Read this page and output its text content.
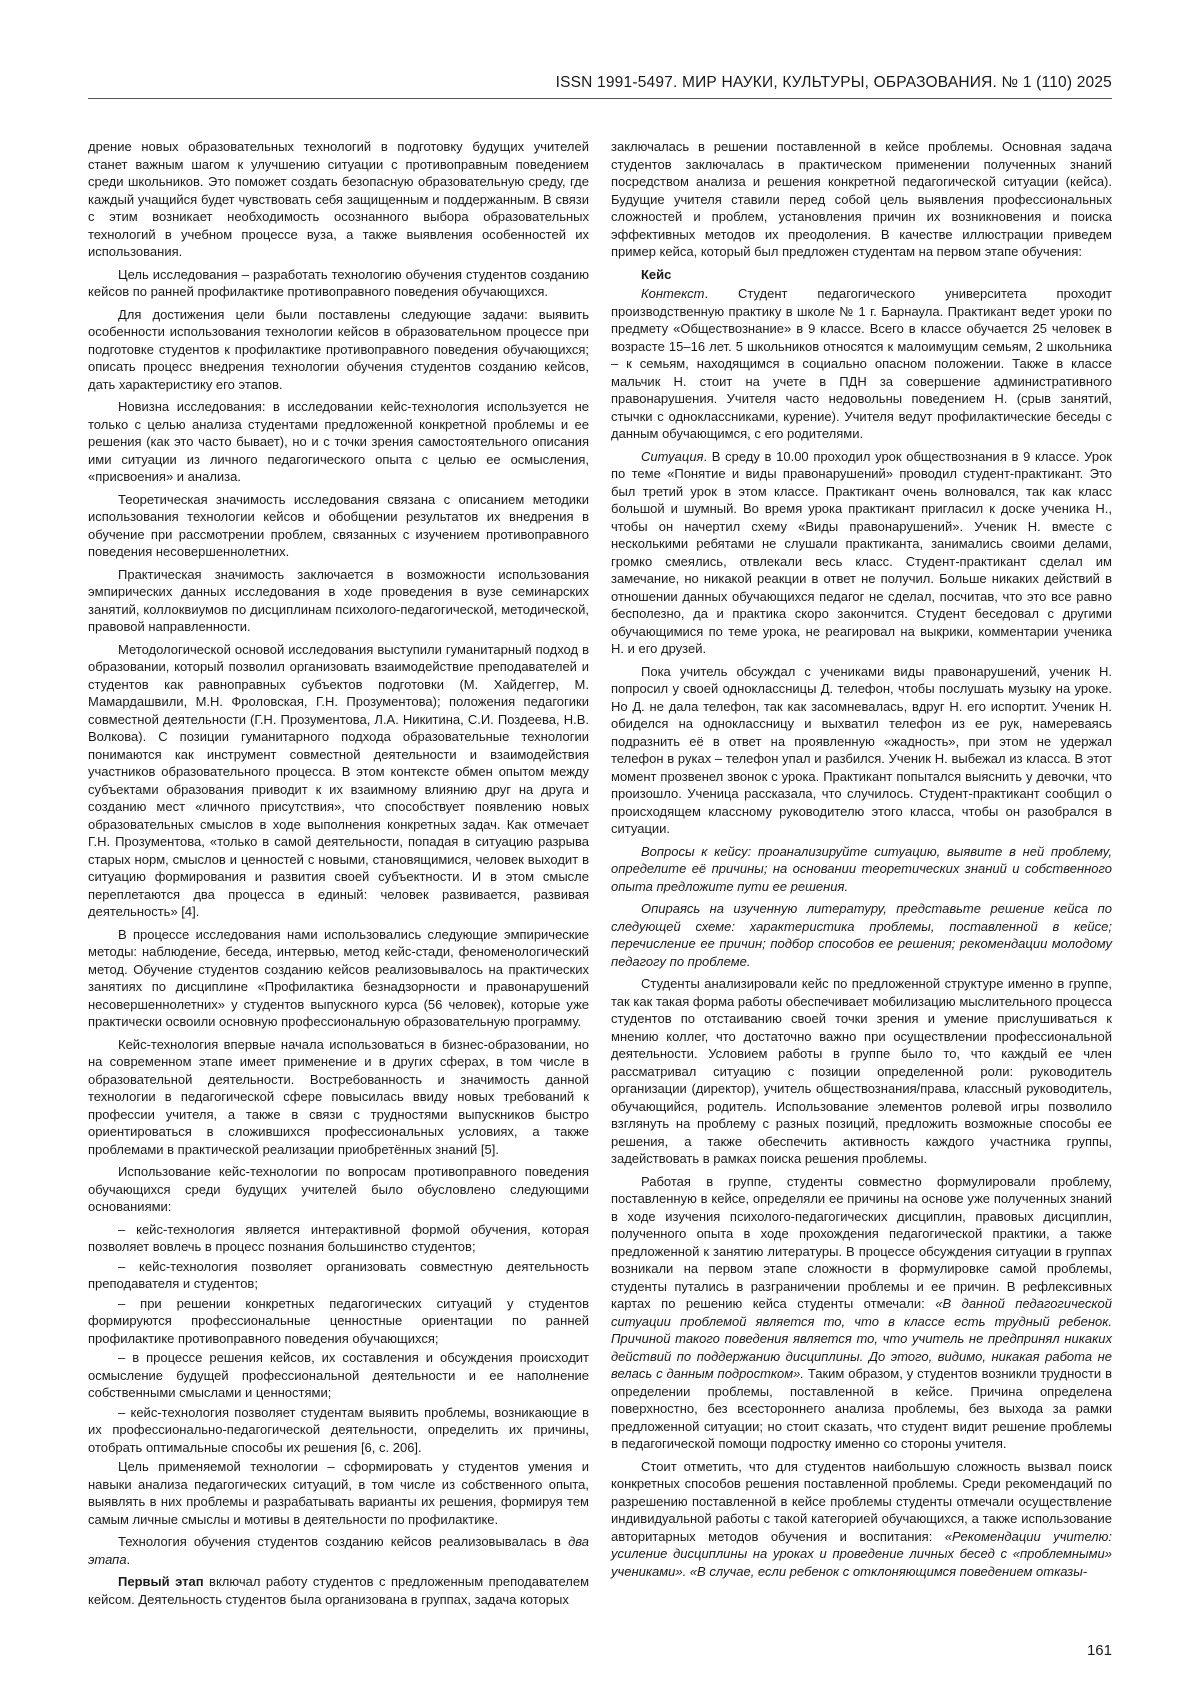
ISSN 1991-5497. МИР НАУКИ, КУЛЬТУРЫ, ОБРАЗОВАНИЯ. № 1 (110) 2025

дрение новых образовательных технологий в подготовку будущих учителей станет важным шагом к улучшению ситуации с противоправным поведением среди школьников. Это поможет создать безопасную образовательную среду, где каждый учащийся будет чувствовать себя защищенным и поддержанным. В связи с этим возникает необходимость осознанного выбора образовательных технологий в учебном процессе вуза, а также выявления особенностей их использования.

Цель исследования – разработать технологию обучения студентов созданию кейсов по ранней профилактике противоправного поведения обучающихся.

Для достижения цели были поставлены следующие задачи: выявить особенности использования технологии кейсов в образовательном процессе при подготовке студентов к профилактике противоправного поведения обучающихся; описать процесс внедрения технологии обучения студентов созданию кейсов, дать характеристику его этапов.

Новизна исследования: в исследовании кейс-технология используется не только с целью анализа студентами предложенной конкретной проблемы и ее решения (как это часто бывает), но и с точки зрения самостоятельного описания ими ситуации из личного педагогического опыта с целью ее осмысления, «присвоения» и анализа.

Теоретическая значимость исследования связана с описанием методики использования технологии кейсов и обобщении результатов их внедрения в обучение при рассмотрении проблем, связанных с изучением противоправного поведения несовершеннолетних.

Практическая значимость заключается в возможности использования эмпирических данных исследования в ходе проведения в вузе семинарских занятий, коллоквиумов по дисциплинам психолого-педагогической, методической, правовой направленности.

Методологической основой исследования выступили гуманитарный подход в образовании, который позволил организовать взаимодействие преподавателей и студентов как равноправных субъектов подготовки (М. Хайдеггер, М. Мамардашвили, М.Н. Фроловская, Г.Н. Прозументова); положения педагогики совместной деятельности (Г.Н. Прозументова, Л.А. Никитина, С.И. Поздеева, Н.В. Волкова). С позиции гуманитарного подхода образовательные технологии понимаются как инструмент совместной деятельности и взаимодействия участников образовательного процесса. В этом контексте обмен опытом между субъектами образования приводит к их взаимному влиянию друг на друга и созданию мест «личного присутствия», что способствует появлению новых образовательных смыслов в ходе выполнения конкретных задач. Как отмечает Г.Н. Прозументова, «только в самой деятельности, попадая в ситуацию разрыва старых норм, смыслов и ценностей с новыми, становящимися, человек выходит в ситуацию формирования и развития своей субъектности. И в этом смысле переплетаются два процесса в единый: человек развивается, развивая деятельность» [4].

В процессе исследования нами использовались следующие эмпирические методы: наблюдение, беседа, интервью, метод кейс-стади, феноменологический метод. Обучение студентов созданию кейсов реализовывалось на практических занятиях по дисциплине «Профилактика безнадзорности и правонарушений несовершеннолетних» у студентов выпускного курса (56 человек), которые уже практически освоили основную профессиональную образовательную программу.

Кейс-технология впервые начала использоваться в бизнес-образовании, но на современном этапе имеет применение и в других сферах, в том числе в образовательной деятельности. Востребованность и значимость данной технологии в педагогической сфере повысилась ввиду новых требований к профессии учителя, а также в связи с трудностями выпускников быстро ориентироваться в сложившихся профессиональных условиях, а также проблемами в практической реализации приобретённых знаний [5].

Использование кейс-технологии по вопросам противоправного поведения обучающихся среди будущих учителей было обусловлено следующими основаниями:

– кейс-технология является интерактивной формой обучения, которая позволяет вовлечь в процесс познания большинство студентов;

– кейс-технология позволяет организовать совместную деятельность преподавателя и студентов;

– при решении конкретных педагогических ситуаций у студентов формируются профессиональные ценностные ориентации по ранней профилактике противоправного поведения обучающихся;

– в процессе решения кейсов, их составления и обсуждения происходит осмысление будущей профессиональной деятельности и ее наполнение собственными смыслами и ценностями;

– кейс-технология позволяет студентам выявить проблемы, возникающие в их профессионально-педагогической деятельности, определить их причины, отобрать оптимальные способы их решения [6, с. 206].

Цель применяемой технологии – сформировать у студентов умения и навыки анализа педагогических ситуаций, в том числе из собственного опыта, выявлять в них проблемы и разрабатывать варианты их решения, формируя тем самым личные смыслы и мотивы в деятельности по профилактике.

Технология обучения студентов созданию кейсов реализовывалась в два этапа.

Первый этап включал работу студентов с предложенным преподавателем кейсом. Деятельность студентов была организована в группах, задача которых

заключалась в решении поставленной в кейсе проблемы. Основная задача студентов заключалась в практическом применении полученных знаний посредством анализа и решения конкретной педагогической ситуации (кейса). Будущие учителя ставили перед собой цель выявления профессиональных сложностей и проблем, установления причин их возникновения и поиска эффективных методов их преодоления. В качестве иллюстрации приведем пример кейса, который был предложен студентам на первом этапе обучения:

Кейс

Контекст. Студент педагогического университета проходит производственную практику в школе № 1 г. Барнаула. Практикант ведет уроки по предмету «Обществознание» в 9 классе. Всего в классе обучается 25 человек в возрасте 15–16 лет. 5 школьников относятся к малоимущим семьям, 2 школьника – к семьям, находящимся в социально опасном положении. Также в классе мальчик Н. стоит на учете в ПДН за совершение административного правонарушения. Учителя часто недовольны поведением Н. (срыв занятий, стычки с одноклассниками, курение). Учителя ведут профилактические беседы с данным обучающимся, с его родителями.

Ситуация. В среду в 10.00 проходил урок обществознания в 9 классе. Урок по теме «Понятие и виды правонарушений» проводил студент-практикант. Это был третий урок в этом классе. Практикант очень волновался, так как класс большой и шумный. Во время урока практикант пригласил к доске ученика Н., чтобы он начертил схему «Виды правонарушений». Ученик Н. вместе с несколькими ребятами не слушали практиканта, занимались своими делами, громко смеялись, отвлекали весь класс. Студент-практикант сделал им замечание, но никакой реакции в ответ не получил. Больше никаких действий в отношении данных обучающихся педагог не сделал, посчитав, что это все равно бесполезно, да и практика скоро закончится. Студент беседовал с другими обучающимися по теме урока, не реагировал на выкрики, комментарии ученика Н. и его друзей.

Пока учитель обсуждал с учениками виды правонарушений, ученик Н. попросил у своей одноклассницы Д. телефон, чтобы послушать музыку на уроке. Но Д. не дала телефон, так как засомневалась, вдруг Н. его испортит. Ученик Н. обиделся на одноклассницу и выхватил телефон из ее рук, намереваясь подразнить её в ответ на проявленную «жадность», при этом не удержал телефон в руках – телефон упал и разбился. Ученик Н. выбежал из класса. В этот момент прозвенел звонок с урока. Практикант попытался выяснить у девочки, что произошло. Ученица рассказала, что случилось. Студент-практикант сообщил о происходящем классному руководителю этого класса, чтобы он разобрался в ситуации.

Вопросы к кейсу: проанализируйте ситуацию, выявите в ней проблему, определите её причины; на основании теоретических знаний и собственного опыта предложите пути ее решения.

Опираясь на изученную литературу, представьте решение кейса по следующей схеме: характеристика проблемы, поставленной в кейсе; перечисление ее причин; подбор способов ее решения; рекомендации молодому педагогу по проблеме.

Студенты анализировали кейс по предложенной структуре именно в группе, так как такая форма работы обеспечивает мобилизацию мыслительного процесса студентов по отстаиванию своей точки зрения и умение прислушиваться к мнению коллег, что достаточно важно при осуществлении профессиональной деятельности. Условием работы в группе было то, что каждый ее член рассматривал ситуацию с позиции определенной роли: руководитель организации (директор), учитель обществознания/права, классный руководитель, обучающийся, родитель. Использование элементов ролевой игры позволило взглянуть на проблему с разных позиций, предложить возможные способы ее решения, а также обеспечить активность каждого участника группы, задействовать в рамках поиска решения проблемы.

Работая в группе, студенты совместно формулировали проблему, поставленную в кейсе, определяли ее причины на основе уже полученных знаний в ходе изучения психолого-педагогических дисциплин, правовых дисциплин, полученного опыта в ходе прохождения педагогической практики, а также предложенной к занятию литературы. В процессе обсуждения ситуации в группах возникали на первом этапе сложности в формулировке самой проблемы, студенты путались в разграничении проблемы и ее причин. В рефлексивных картах по решению кейса студенты отмечали: «В данной педагогической ситуации проблемой является то, что в классе есть трудный ребенок. Причиной такого поведения является то, что учитель не предпринял никаких действий по поддержанию дисциплины. До этого, видимо, никакая работа не велась с данным подростком». Таким образом, у студентов возникли трудности в определении проблемы, поставленной в кейсе. Причина определена поверхностно, без всестороннего анализа проблемы, без выхода за рамки предложенной ситуации; но стоит сказать, что студент видит решение проблемы в педагогической помощи подростку именно со стороны учителя.

Стоит отметить, что для студентов наибольшую сложность вызвал поиск конкретных способов решения поставленной проблемы. Среди рекомендаций по разрешению поставленной в кейсе проблемы студенты отмечали осуществление индивидуальной работы с такой категорией обучающихся, а также использование авторитарных методов обучения и воспитания: «Рекомендации учителю: усиление дисциплины на уроках и проведение личных бесед с «проблемными» учениками». «В случае, если ребенок с отклоняющимся поведением отказы-

161
